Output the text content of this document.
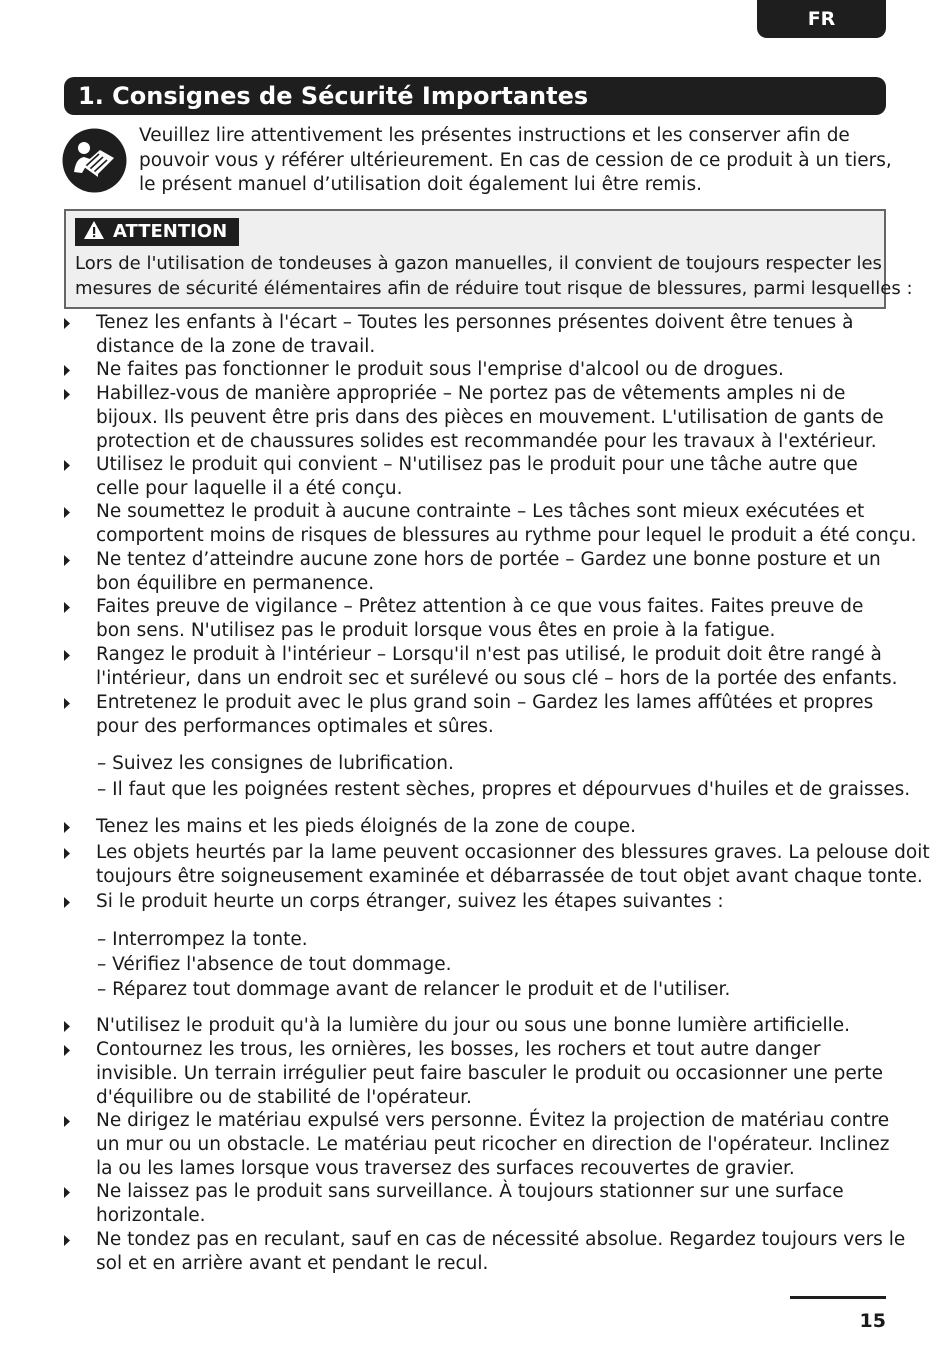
FR
1. Consignes de Sécurité Importantes
Veuillez lire attentivement les présentes instructions et les conserver afin de
pouvoir vous y référer ultérieurement. En cas de cession de ce produit à un tiers,
le présent manuel d’utilisation doit également lui être remis.
ATTENTION
Lors de l'utilisation de tondeuses à gazon manuelles, il convient de toujours respecter les
mesures de sécurité élémentaires afin de réduire tout risque de blessures, parmi lesquelles :
Tenez les enfants à l'écart – Toutes les personnes présentes doivent être tenues à
distance de la zone de travail.
Ne faites pas fonctionner le produit sous l'emprise d'alcool ou de drogues.
Habillez-vous de manière appropriée – Ne portez pas de vêtements amples ni de
bijoux. Ils peuvent être pris dans des pièces en mouvement. L'utilisation de gants de
protection et de chaussures solides est recommandée pour les travaux à l'extérieur.
Utilisez le produit qui convient – N'utilisez pas le produit pour une tâche autre que
celle pour laquelle il a été conçu.
Ne soumettez le produit à aucune contrainte – Les tâches sont mieux exécutées et
comportent moins de risques de blessures au rythme pour lequel le produit a été conçu.
Ne tentez d’atteindre aucune zone hors de portée – Gardez une bonne posture et un
bon équilibre en permanence.
Faites preuve de vigilance – Prêtez attention à ce que vous faites. Faites preuve de
bon sens. N'utilisez pas le produit lorsque vous êtes en proie à la fatigue.
Rangez le produit à l'intérieur – Lorsqu'il n'est pas utilisé, le produit doit être rangé à
l'intérieur, dans un endroit sec et surélevé ou sous clé – hors de la portée des enfants.
Entretenez le produit avec le plus grand soin – Gardez les lames affûtées et propres
pour des performances optimales et sûres.
– Suivez les consignes de lubrification.
– Il faut que les poignées restent sèches, propres et dépourvues d'huiles et de graisses.
Tenez les mains et les pieds éloignés de la zone de coupe.
Les objets heurtés par la lame peuvent occasionner des blessures graves. La pelouse doit
toujours être soigneusement examinée et débarrassée de tout objet avant chaque tonte.
Si le produit heurte un corps étranger, suivez les étapes suivantes :
– Interrompez la tonte.
– Vérifiez l'absence de tout dommage.
– Réparez tout dommage avant de relancer le produit et de l'utiliser.
N'utilisez le produit qu'à la lumière du jour ou sous une bonne lumière artificielle.
Contournez les trous, les ornières, les bosses, les rochers et tout autre danger
invisible. Un terrain irrégulier peut faire basculer le produit ou occasionner une perte
d'équilibre ou de stabilité de l'opérateur.
Ne dirigez le matériau expulsé vers personne. Évitez la projection de matériau contre
un mur ou un obstacle. Le matériau peut ricocher en direction de l'opérateur. Inclinez
la ou les lames lorsque vous traversez des surfaces recouvertes de gravier.
Ne laissez pas le produit sans surveillance. À toujours stationner sur une surface
horizontale.
Ne tondez pas en reculant, sauf en cas de nécessité absolue. Regardez toujours vers le
sol et en arrière avant et pendant le recul.
15
